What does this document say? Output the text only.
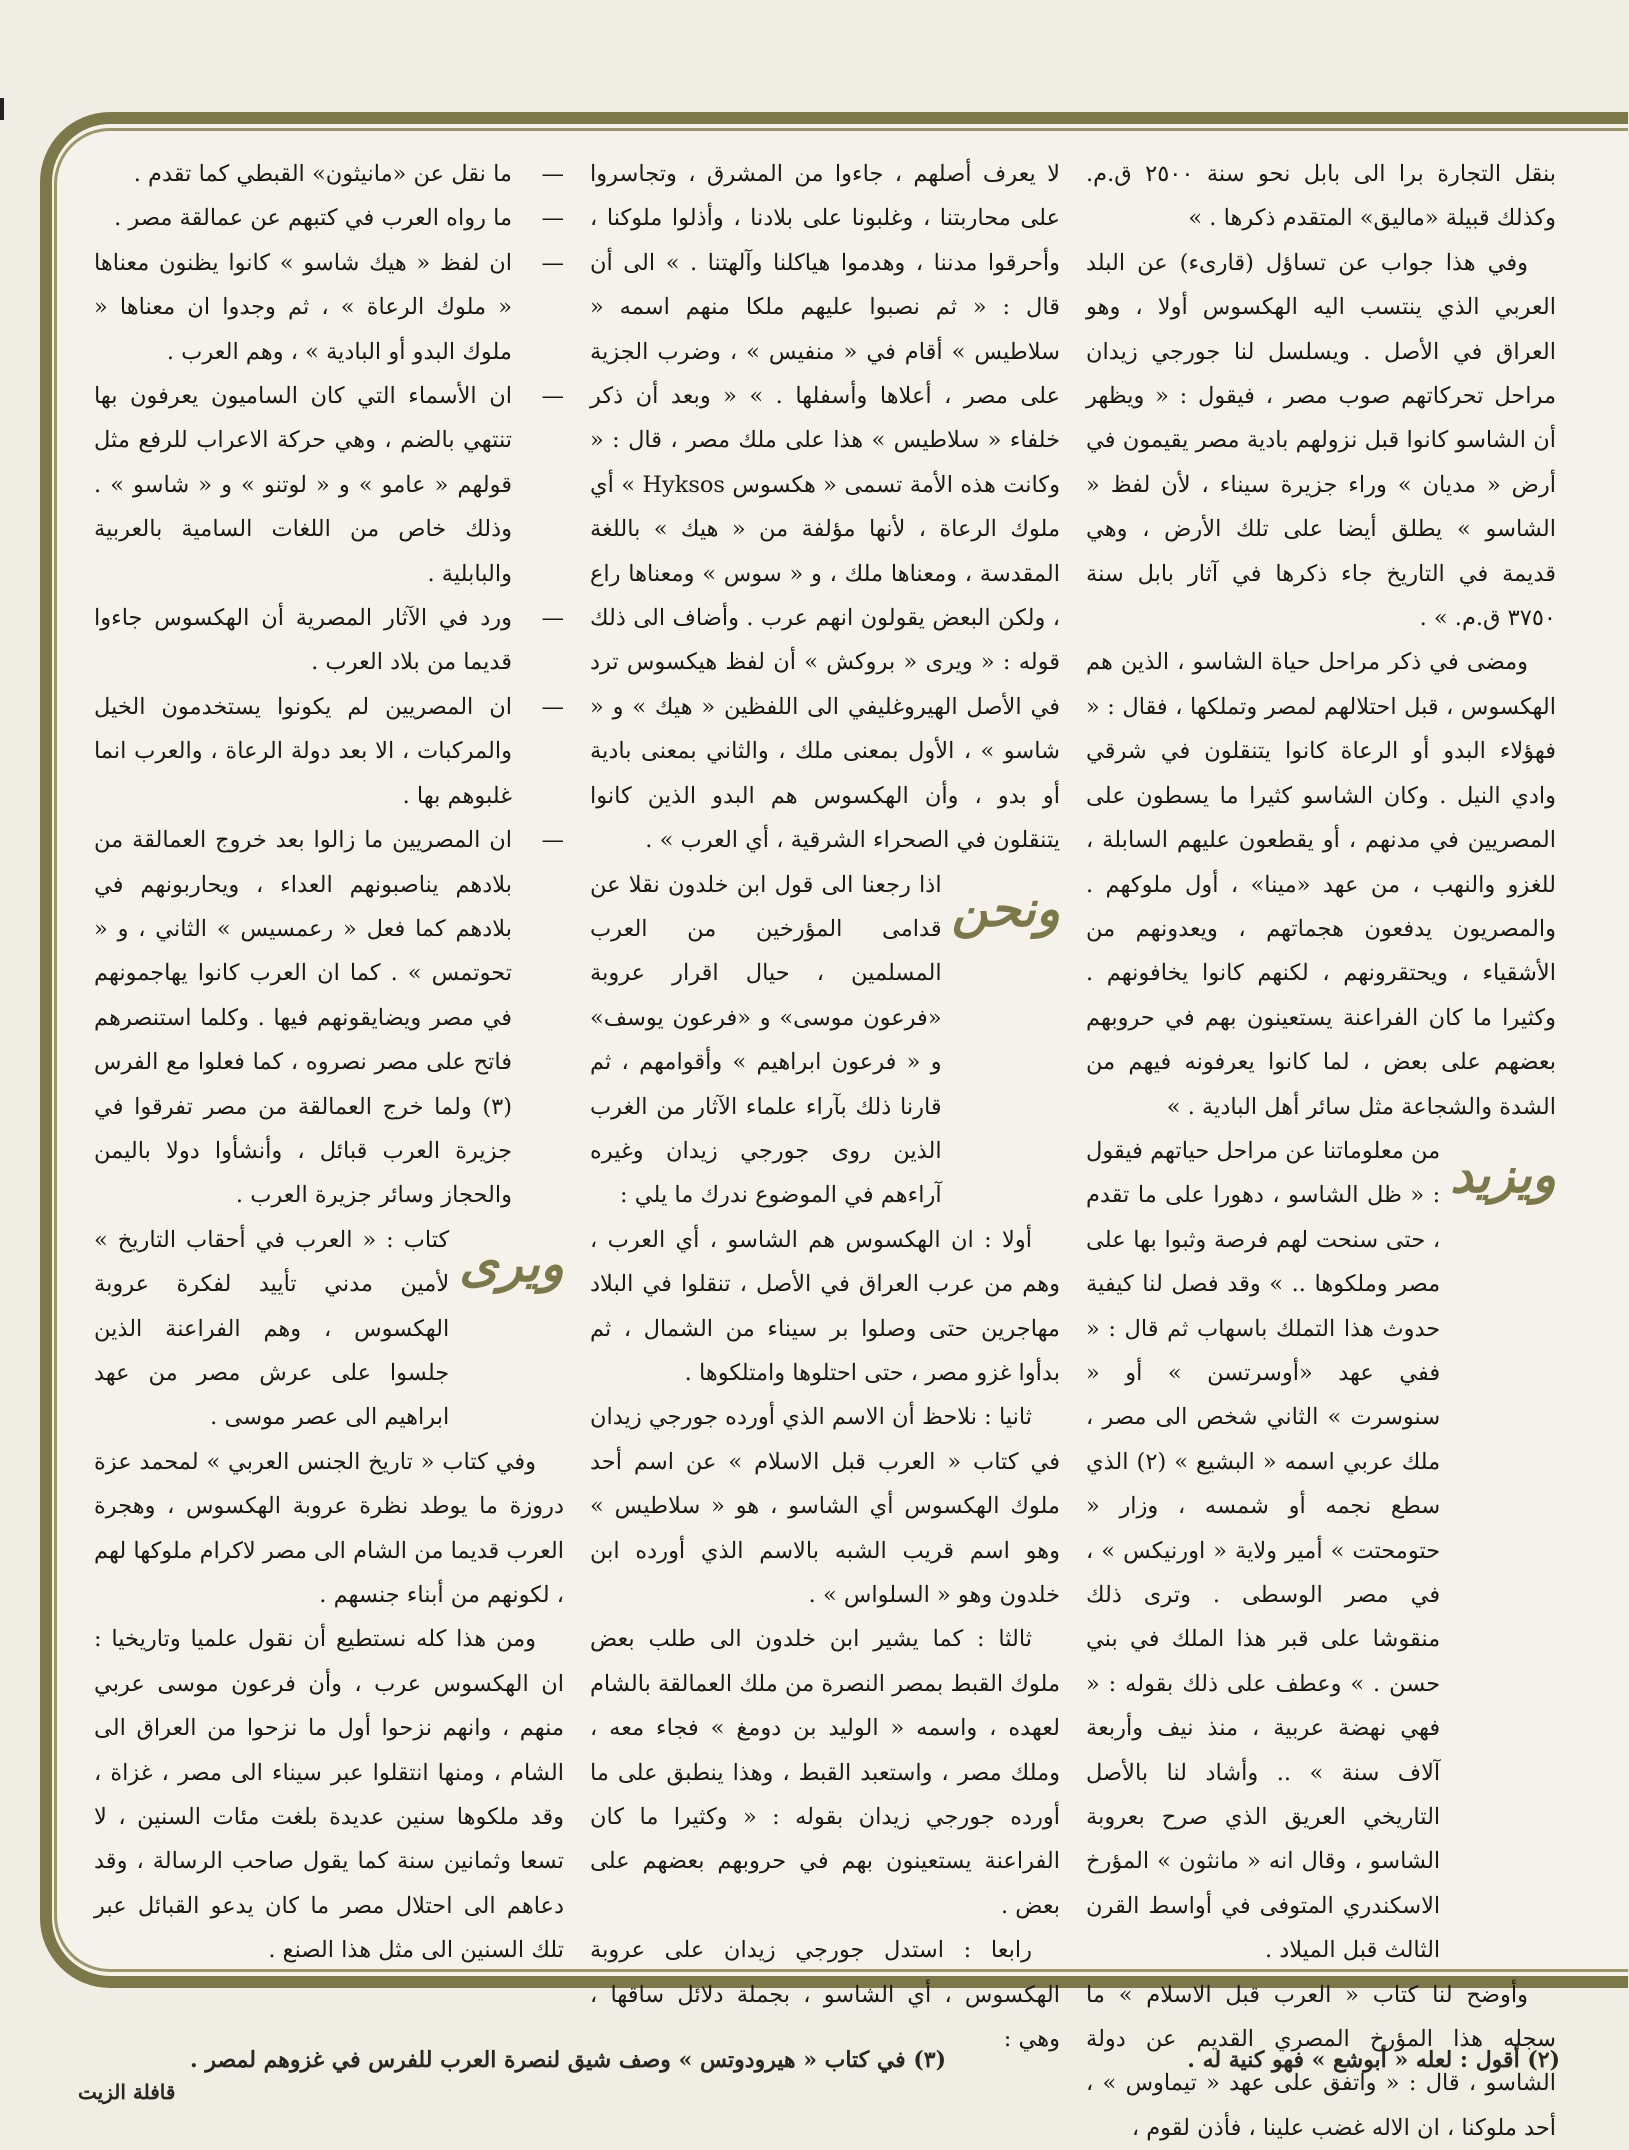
بنقل التجارة برا الى بابل نحو سنة ٢٥٠٠ ق.م. وكذلك قبيلة «ماليق» المتقدم ذكرها . »

وفي هذا جواب عن تساؤل (قارىء) عن البلد العربي الذي ينتسب اليه الهكسوس أولا ، وهو العراق في الأصل . ويسلسل لنا جورجي زيدان مراحل تحركاتهم صوب مصر ، فيقول : « ويظهر أن الشاسو كانوا قبل نزولهم بادية مصر يقيمون في أرض « مديان » وراء جزيرة سيناء ، لأن لفظ « الشاسو » يطلق أيضا على تلك الأرض ، وهي قديمة في التاريخ جاء ذكرها في آثار بابل سنة ٣٧٥٠ ق.م. » .

ومضى في ذكر مراحل حياة الشاسو ، الذين هم الهكسوس ، قبل احتلالهم لمصر وتملكها ، فقال : « فهؤلاء البدو أو الرعاة كانوا يتنقلون في شرقي وادي النيل . وكان الشاسو كثيرا ما يسطون على المصريين في مدنهم ، أو يقطعون عليهم السابلة ، للغزو والنهب ، من عهد «مينا» ، أول ملوكهم . والمصريون يدفعون هجماتهم ، ويعدونهم من الأشقياء ، ويحتقرونهم ، لكنهم كانوا يخافونهم . وكثيرا ما كان الفراعنة يستعينون بهم في حروبهم بعضهم على بعض ، لما كانوا يعرفونه فيهم من الشدة والشجاعة مثل سائر أهل البادية . »

ويزيد

من معلوماتنا عن مراحل حياتهم فيقول : « ظل الشاسو ، دهورا على ما تقدم ، حتى سنحت لهم فرصة وثبوا بها على مصر وملكوها .. » وقد فصل لنا كيفية حدوث هذا التملك باسهاب ثم قال : « ففي عهد «أوسرتسن » أو « سنوسرت » الثاني شخص الى مصر ، ملك عربي اسمه « البشيع » (٢) الذي سطع نجمه أو شمسه ، وزار « حتومحتت » أمير ولاية « اورنيكس » ، في مصر الوسطى . وترى ذلك منقوشا على قبر هذا الملك في بني حسن . » وعطف على ذلك بقوله : « فهي نهضة عربية ، منذ نيف وأربعة آلاف سنة » .. وأشاد لنا بالأصل التاريخي العريق الذي صرح بعروبة الشاسو ، وقال انه « مانثون » المؤرخ الاسكندري المتوفى في أواسط القرن الثالث قبل الميلاد .

وأوضح لنا كتاب « العرب قبل الاسلام » ما سجله هذا المؤرخ المصري القديم عن دولة الشاسو ، قال : « واتفق على عهد « تيماوس » ، أحد ملوكنا ، ان الاله غضب علينا ، فأذن لقوم ،

لا يعرف أصلهم ، جاءوا من المشرق ، وتجاسروا على محاربتنا ، وغلبونا على بلادنا ، وأذلوا ملوكنا ، وأحرقوا مدننا ، وهدموا هياكلنا وآلهتنا . » الى أن قال : « ثم نصبوا عليهم ملكا منهم اسمه « سلاطيس » أقام في « منفيس » ، وضرب الجزية على مصر ، أعلاها وأسفلها . » « وبعد أن ذكر خلفاء « سلاطيس » هذا على ملك مصر ، قال : « وكانت هذه الأمة تسمى « هكسوس Hyksos » أي ملوك الرعاة ، لأنها مؤلفة من « هيك » باللغة المقدسة ، ومعناها ملك ، و « سوس » ومعناها راع ، ولكن البعض يقولون انهم عرب . وأضاف الى ذلك قوله : « ويرى « بروكش » أن لفظ هيكسوس ترد في الأصل الهيروغليفي الى اللفظين « هيك » و « شاسو » ، الأول بمعنى ملك ، والثاني بمعنى بادية أو بدو ، وأن الهكسوس هم البدو الذين كانوا يتنقلون في الصحراء الشرقية ، أي العرب » .

ونحن

اذا رجعنا الى قول ابن خلدون نقلا عن قدامى المؤرخين من العرب المسلمين ، حيال اقرار عروبة «فرعون موسى» و «فرعون يوسف» و « فرعون ابراهيم » وأقوامهم ، ثم قارنا ذلك بآراء علماء الآثار من الغرب الذين روى جورجي زيدان وغيره آراءهم في الموضوع ندرك ما يلي :

أولا : ان الهكسوس هم الشاسو ، أي العرب ، وهم من عرب العراق في الأصل ، تنقلوا في البلاد مهاجرين حتى وصلوا بر سيناء من الشمال ، ثم بدأوا غزو مصر ، حتى احتلوها وامتلكوها .

ثانيا : نلاحظ أن الاسم الذي أورده جورجي زيدان في كتاب « العرب قبل الاسلام » عن اسم أحد ملوك الهكسوس أي الشاسو ، هو « سلاطيس » وهو اسم قريب الشبه بالاسم الذي أورده ابن خلدون وهو « السلواس » .

ثالثا : كما يشير ابن خلدون الى طلب بعض ملوك القبط بمصر النصرة من ملك العمالقة بالشام لعهده ، واسمه « الوليد بن دومغ » فجاء معه ، وملك مصر ، واستعبد القبط ، وهذا ينطبق على ما أورده جورجي زيدان بقوله : « وكثيرا ما كان الفراعنة يستعينون بهم في حروبهم بعضهم على بعض .

رابعا : استدل جورجي زيدان على عروبة الهكسوس ، أي الشاسو ، بجملة دلائل ساقها ، وهي :

— ما نقل عن «مانيثون» القبطي كما تقدم .

— ما رواه العرب في كتبهم عن عمالقة مصر .

— ان لفظ « هيك شاسو » كانوا يظنون معناها « ملوك الرعاة » ، ثم وجدوا ان معناها « ملوك البدو أو البادية » ، وهم العرب .

— ان الأسماء التي كان الساميون يعرفون بها تنتهي بالضم ، وهي حركة الاعراب للرفع مثل قولهم « عامو » و « لوتنو » و « شاسو » . وذلك خاص من اللغات السامية بالعربية والبابلية .

— ورد في الآثار المصرية أن الهكسوس جاءوا قديما من بلاد العرب .

— ان المصريين لم يكونوا يستخدمون الخيل والمركبات ، الا بعد دولة الرعاة ، والعرب انما غلبوهم بها .

— ان المصريين ما زالوا بعد خروج العمالقة من بلادهم يناصبونهم العداء ، ويحاربونهم في بلادهم كما فعل « رعمسيس » الثاني ، و « تحوتمس » . كما ان العرب كانوا يهاجمونهم في مصر ويضايقونهم فيها . وكلما استنصرهم فاتح على مصر نصروه ، كما فعلوا مع الفرس (٣) ولما خرج العمالقة من مصر تفرقوا في جزيرة العرب قبائل ، وأنشأوا دولا باليمن والحجاز وسائر جزيرة العرب .

ويرى

كتاب : « العرب في أحقاب التاريخ » لأمين مدني تأييد لفكرة عروبة الهكسوس ، وهم الفراعنة الذين جلسوا على عرش مصر من عهد ابراهيم الى عصر موسى .

وفي كتاب « تاريخ الجنس العربي » لمحمد عزة دروزة ما يوطد نظرة عروبة الهكسوس ، وهجرة العرب قديما من الشام الى مصر لاكرام ملوكها لهم ، لكونهم من أبناء جنسهم .

ومن هذا كله نستطيع أن نقول علميا وتاريخيا : ان الهكسوس عرب ، وأن فرعون موسى عربي منهم ، وانهم نزحوا أول ما نزحوا من العراق الى الشام ، ومنها انتقلوا عبر سيناء الى مصر ، غزاة ، وقد ملكوها سنين عديدة بلغت مئات السنين ، لا تسعا وثمانين سنة كما يقول صاحب الرسالة ، وقد دعاهم الى احتلال مصر ما كان يدعو القبائل عبر تلك السنين الى مثل هذا الصنع .

(٢) أقول : لعله « أبوشع » فهو كنية له .
(٣) في كتاب « هيرودوتس » وصف شيق لنصرة العرب للفرس في غزوهم لمصر .
قافلة الزيت
